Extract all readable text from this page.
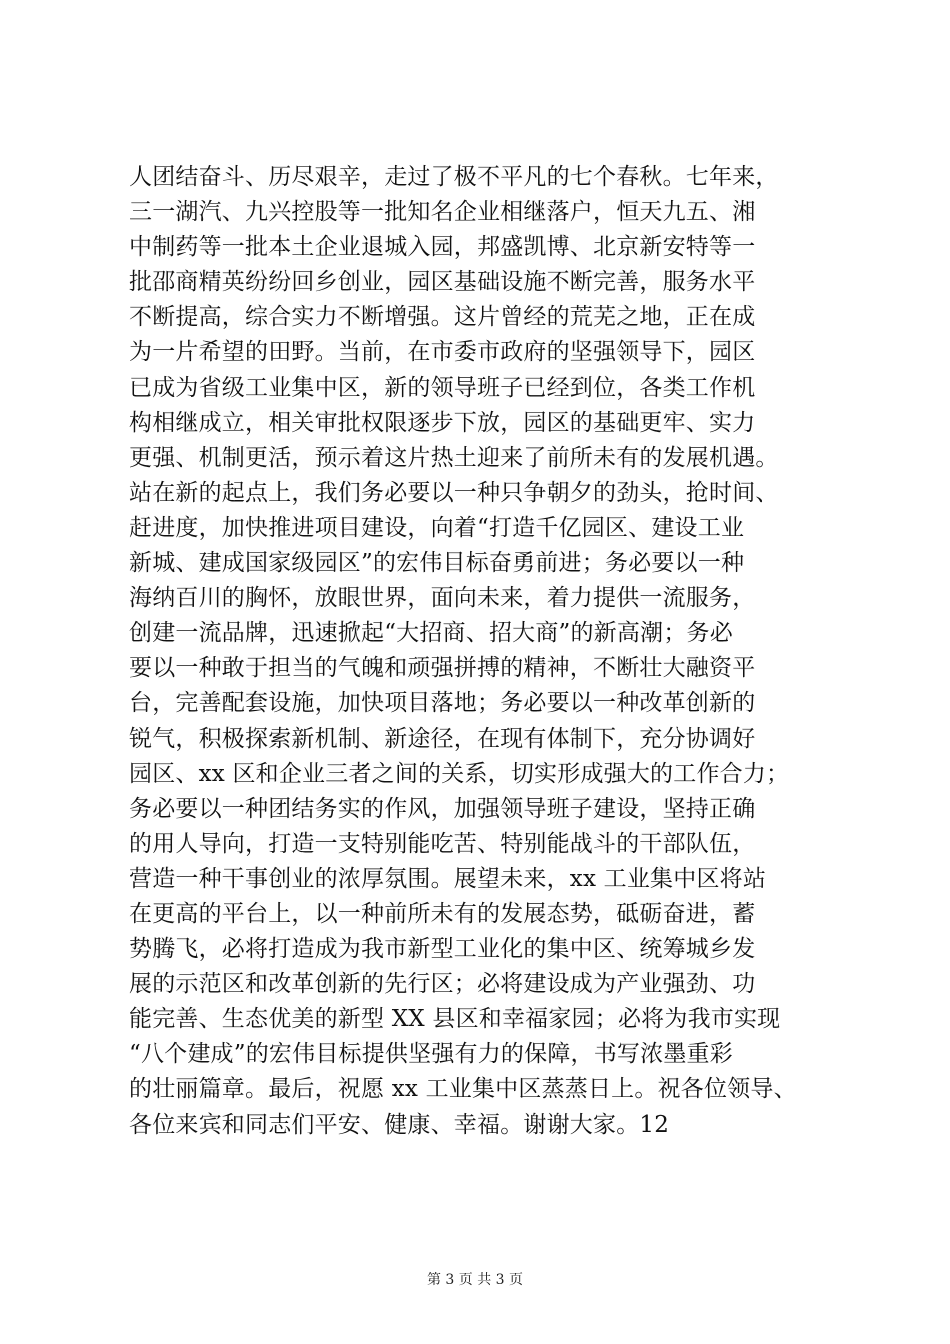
人团结奋斗、历尽艰辛，走过了极不平凡的七个春秋。七年来，
三一湖汽、九兴控股等一批知名企业相继落户，恒天九五、湘
中制药等一批本土企业退城入园，邦盛凯博、北京新安特等一
批邵商精英纷纷回乡创业，园区基础设施不断完善，服务水平
不断提高，综合实力不断增强。这片曾经的荒芜之地，正在成
为一片希望的田野。当前，在市委市政府的坚强领导下，园区
已成为省级工业集中区，新的领导班子已经到位，各类工作机
构相继成立，相关审批权限逐步下放，园区的基础更牢、实力
更强、机制更活，预示着这片热土迎来了前所未有的发展机遇。
站在新的起点上，我们务必要以一种只争朝夕的劲头，抢时间、
赶进度，加快推进项目建设，向着“打造千亿园区、建设工业
新城、建成国家级园区”的宏伟目标奋勇前进；务必要以一种
海纳百川的胸怀，放眼世界，面向未来，着力提供一流服务，
创建一流品牌，迅速掀起“大招商、招大商”的新高潮；务必
要以一种敢于担当的气魄和顽强拼搏的精神，不断壮大融资平
台，完善配套设施，加快项目落地；务必要以一种改革创新的
锐气，积极探索新机制、新途径，在现有体制下，充分协调好
园区、xx 区和企业三者之间的关系，切实形成强大的工作合力；
务必要以一种团结务实的作风，加强领导班子建设，坚持正确
的用人导向，打造一支特别能吃苦、特别能战斗的干部队伍，
营造一种干事创业的浓厚氛围。展望未来，xx 工业集中区将站
在更高的平台上，以一种前所未有的发展态势，砥砺奋进，蓄
势腾飞，必将打造成为我市新型工业化的集中区、统筹城乡发
展的示范区和改革创新的先行区；必将建设成为产业强劲、功
能完善、生态优美的新型 XX 县区和幸福家园；必将为我市实现
“八个建成”的宏伟目标提供坚强有力的保障，书写浓墨重彩
的壮丽篇章。最后，祝愿 xx 工业集中区蒸蒸日上。祝各位领导、
各位来宾和同志们平安、健康、幸福。谢谢大家。12
第 3 页 共 3 页
